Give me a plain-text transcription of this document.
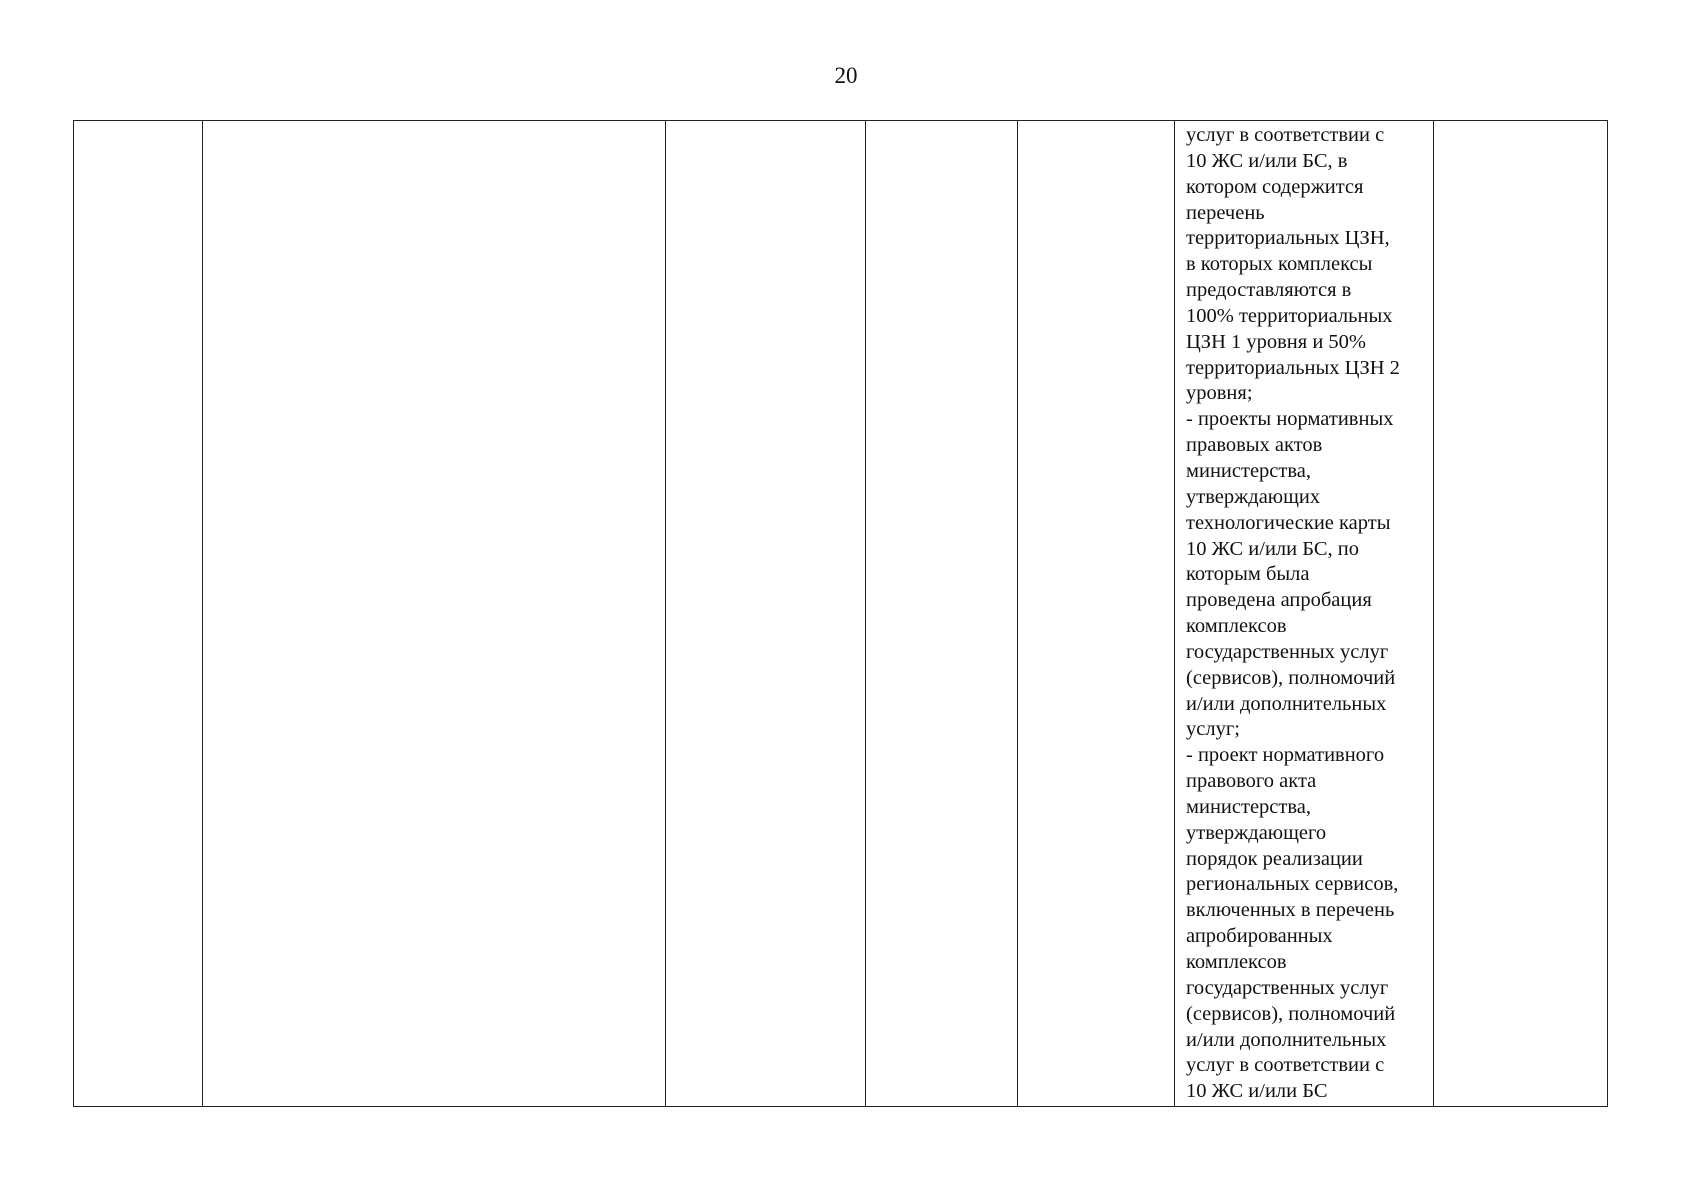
20

услуг в соответствии с
10 ЖС и/или БС, в
котором содержится
перечень
территориальных ЦЗН,
в которых комплексы
предоставляются в
100% территориальных
ЦЗН 1 уровня и 50%
территориальных ЦЗН 2
уровня;
- проекты нормативных
правовых актов
министерства,
утверждающих
технологические карты
10 ЖС и/или БС, по
которым была
проведена апробация
комплексов
государственных услуг
(сервисов), полномочий
и/или дополнительных
услуг;
- проект нормативного
правового акта
министерства,
утверждающего
порядок реализации
региональных сервисов,
включенных в перечень
апробированных
комплексов
государственных услуг
(сервисов), полномочий
и/или дополнительных
услуг в соответствии с
10 ЖС и/или БС
